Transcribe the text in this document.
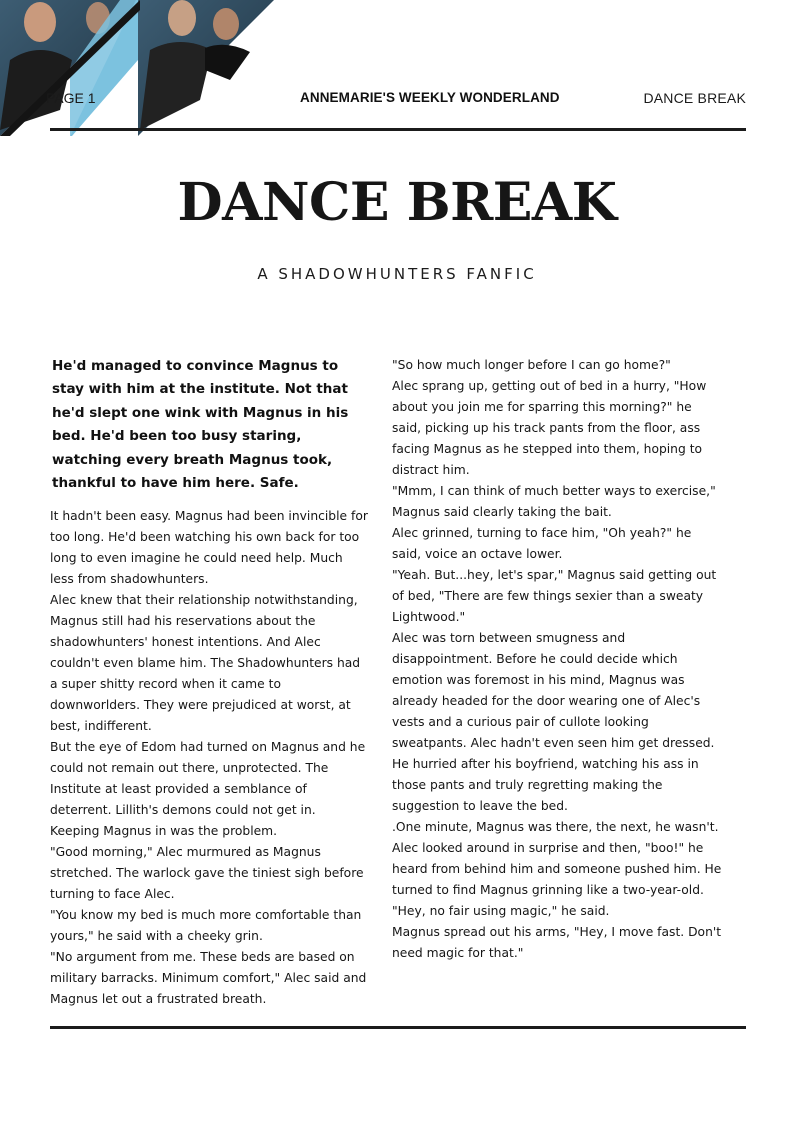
PAGE 1	ANNEMARIE'S WEEKLY WONDERLAND	DANCE BREAK
DANCE BREAK
A SHADOWHUNTERS FANFIC

He'd managed to convince Magnus to stay with him at the institute. Not that he'd slept one wink with Magnus in his bed. He'd been too busy staring, watching every breath Magnus took, thankful to have him here. Safe.

It hadn't been easy. Magnus had been invincible for too long. He'd been watching his own back for too long to even imagine he could need help. Much less from shadowhunters.

Alec knew that their relationship notwithstanding, Magnus still had his reservations about the shadowhunters' honest intentions. And Alec couldn't even blame him. The Shadowhunters had a super shitty record when it came to downworlders. They were prejudiced at worst, at best, indifferent.

But the eye of Edom had turned on Magnus and he could not remain out there, unprotected. The Institute at least provided a semblance of deterrent. Lillith's demons could not get in.

Keeping Magnus in was the problem.

"Good morning," Alec murmured as Magnus stretched. The warlock gave the tiniest sigh before turning to face Alec.

"You know my bed is much more comfortable than yours," he said with a cheeky grin.

"No argument from me. These beds are based on military barracks. Minimum comfort," Alec said and Magnus let out a frustrated breath.

"So how much longer before I can go home?"

Alec sprang up, getting out of bed in a hurry, "How about you join me for sparring this morning?" he said, picking up his track pants from the floor, ass facing Magnus as he stepped into them, hoping to distract him.

"Mmm, I can think of much better ways to exercise," Magnus said clearly taking the bait.

Alec grinned, turning to face him, "Oh yeah?" he said, voice an octave lower.

"Yeah. But...hey, let's spar," Magnus said getting out of bed, "There are few things sexier than a sweaty Lightwood."

Alec was torn between smugness and disappointment. Before he could decide which emotion was foremost in his mind, Magnus was already headed for the door wearing one of Alec's vests and a curious pair of cullote looking sweatpants. Alec hadn't even seen him get dressed.

He hurried after his boyfriend, watching his ass in those pants and truly regretting making the suggestion to leave the bed.

.One minute, Magnus was there, the next, he wasn't. Alec looked around in surprise and then, "boo!" he heard from behind him and someone pushed him. He turned to find Magnus grinning like a two-year-old.

"Hey, no fair using magic," he said.

Magnus spread out his arms, "Hey, I move fast. Don't need magic for that."
